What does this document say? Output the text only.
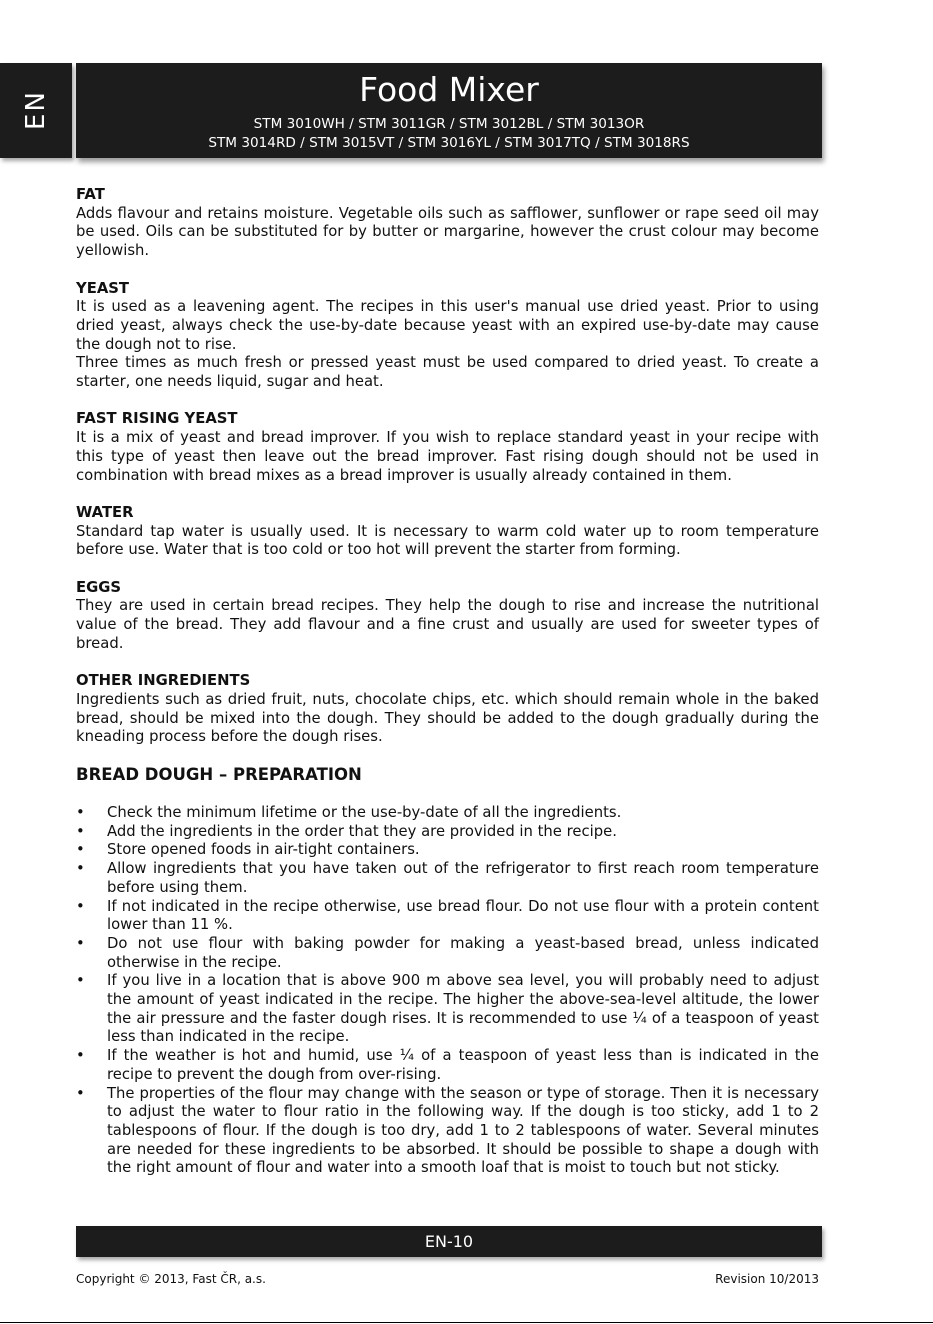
EN
Food Mixer
STM 3010WH / STM 3011GR / STM 3012BL / STM 3013OR
STM 3014RD / STM 3015VT / STM 3016YL / STM 3017TQ / STM 3018RS
FAT

Adds flavour and retains moisture. Vegetable oils such as safflower, sunflower or rape seed oil may be used. Oils can be substituted for by butter or margarine, however the crust colour may become yellowish.

YEAST

It is used as a leavening agent. The recipes in this user's manual use dried yeast. Prior to using dried yeast, always check the use-by-date because yeast with an expired use-by-date may cause the dough not to rise.

Three times as much fresh or pressed yeast must be used compared to dried yeast. To create a starter, one needs liquid, sugar and heat.

FAST RISING YEAST

It is a mix of yeast and bread improver. If you wish to replace standard yeast in your recipe with this type of yeast then leave out the bread improver. Fast rising dough should not be used in combination with bread mixes as a bread improver is usually already contained in them.

WATER

Standard tap water is usually used. It is necessary to warm cold water up to room temperature before use. Water that is too cold or too hot will prevent the starter from forming.

EGGS

They are used in certain bread recipes. They help the dough to rise and increase the nutritional value of the bread. They add flavour and a fine crust and usually are used for sweeter types of bread.

OTHER INGREDIENTS

Ingredients such as dried fruit, nuts, chocolate chips, etc. which should remain whole in the baked bread, should be mixed into the dough. They should be added to the dough gradually during the kneading process before the dough rises.

BREAD DOUGH – PREPARATION
• Check the minimum lifetime or the use-by-date of all the ingredients.
• Add the ingredients in the order that they are provided in the recipe.
• Store opened foods in air-tight containers.
• Allow ingredients that you have taken out of the refrigerator to first reach room temperature before using them.
• If not indicated in the recipe otherwise, use bread flour. Do not use flour with a protein content lower than 11 %.
• Do not use flour with baking powder for making a yeast-based bread, unless indicated otherwise in the recipe.
• If you live in a location that is above 900 m above sea level, you will probably need to adjust the amount of yeast indicated in the recipe. The higher the above-sea-level altitude, the lower the air pressure and the faster dough rises. It is recommended to use ¼ of a teaspoon of yeast less than indicated in the recipe.
• If the weather is hot and humid, use ¼ of a teaspoon of yeast less than is indicated in the recipe to prevent the dough from over-rising.
• The properties of the flour may change with the season or type of storage. Then it is necessary to adjust the water to flour ratio in the following way. If the dough is too sticky, add 1 to 2 tablespoons of flour. If the dough is too dry, add 1 to 2 tablespoons of water. Several minutes are needed for these ingredients to be absorbed. It should be possible to shape a dough with the right amount of flour and water into a smooth loaf that is moist to touch but not sticky.
EN-10
Copyright © 2013, Fast ČR, a.s.	Revision 10/2013
